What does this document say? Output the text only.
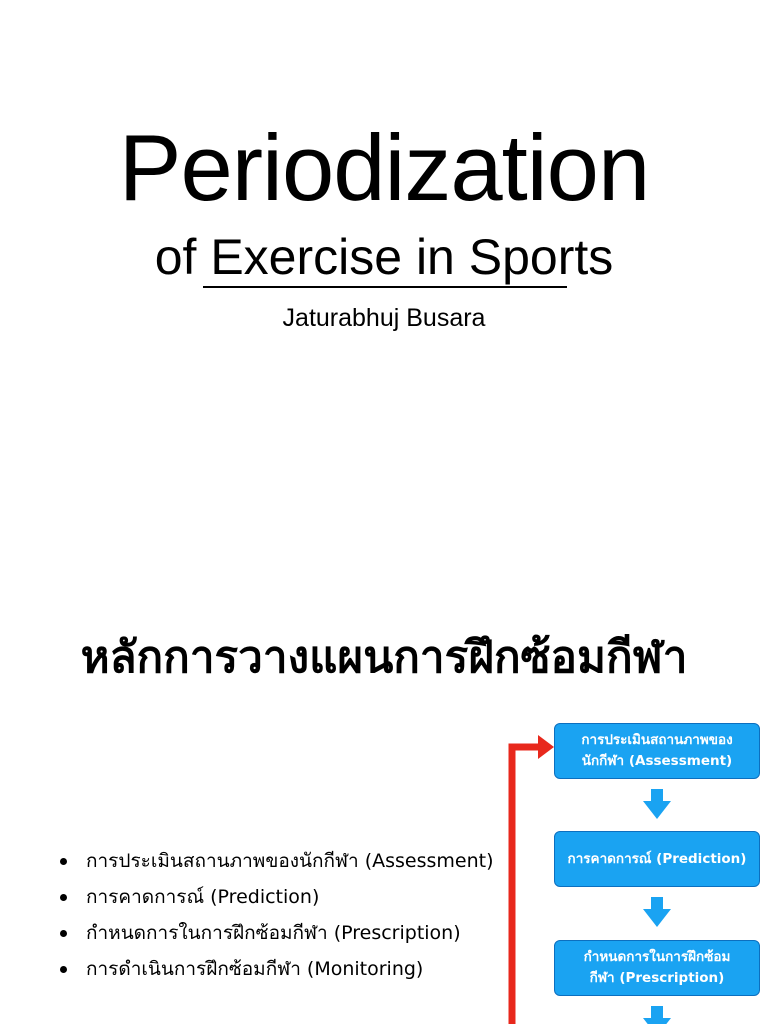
Periodization
of Exercise in Sports
Jaturabhuj Busara
หลักการวางแผนการฝึกซ้อมกีฬา
การประเมินสถานภาพของนักกีฬา (Assessment)
การคาดการณ์ (Prediction)
กำหนดการในการฝึกซ้อมกีฬา (Prescription)
การดำเนินการฝึกซ้อมกีฬา (Monitoring)
การประเมินสถานภาพของ
นักกีฬา (Assessment)
การคาดการณ์ (Prediction)
กำหนดการในการฝึกซ้อม
กีฬา (Prescription)
